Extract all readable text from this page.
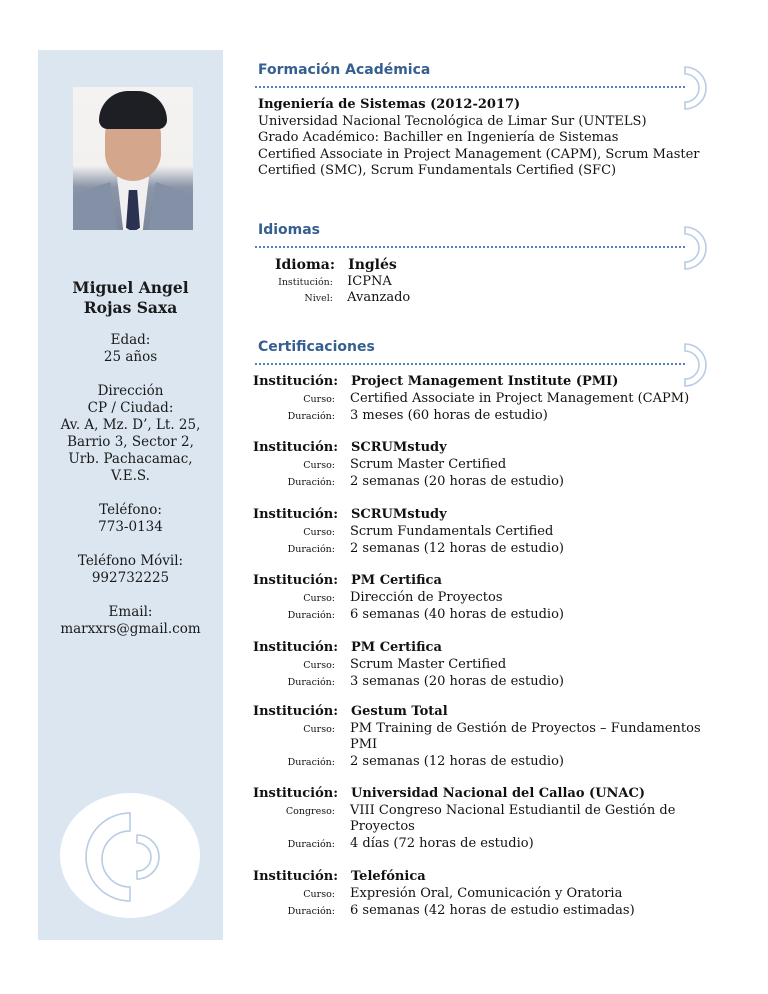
Miguel Angel
Rojas Saxa
Edad:
25 años
Dirección
CP / Ciudad:
Av. A, Mz. D’, Lt. 25,
Barrio 3, Sector 2,
Urb. Pachacamac,
V.E.S.
Teléfono:
773-0134
Teléfono Móvil:
992732225
Email:
marxxrs@gmail.com
Formación Académica
Ingeniería de Sistemas (2012-2017)
Universidad Nacional Tecnológica de Limar Sur (UNTELS)
Grado Académico: Bachiller en Ingeniería de Sistemas
Certified Associate in Project Management (CAPM), Scrum Master
Certified (SMC), Scrum Fundamentals Certified (SFC)
Idiomas
Idioma: Inglés
Institución: ICPNA
Nivel: Avanzado
Certificaciones
Institución: Project Management Institute (PMI)
Curso: Certified Associate in Project Management (CAPM)
Duración: 3 meses (60 horas de estudio)
Institución: SCRUMstudy
Curso: Scrum Master Certified
Duración: 2 semanas (20 horas de estudio)
Institución: SCRUMstudy
Curso: Scrum Fundamentals Certified
Duración: 2 semanas (12 horas de estudio)
Institución: PM Certifica
Curso: Dirección de Proyectos
Duración: 6 semanas (40 horas de estudio)
Institución: PM Certifica
Curso: Scrum Master Certified
Duración: 3 semanas (20 horas de estudio)
Institución: Gestum Total
Curso: PM Training de Gestión de Proyectos – Fundamentos PMI
Duración: 2 semanas (12 horas de estudio)
Institución: Universidad Nacional del Callao (UNAC)
Congreso: VIII Congreso Nacional Estudiantil de Gestión de Proyectos
Duración: 4 días (72 horas de estudio)
Institución: Telefónica
Curso: Expresión Oral, Comunicación y Oratoria
Duración: 6 semanas (42 horas de estudio estimadas)
